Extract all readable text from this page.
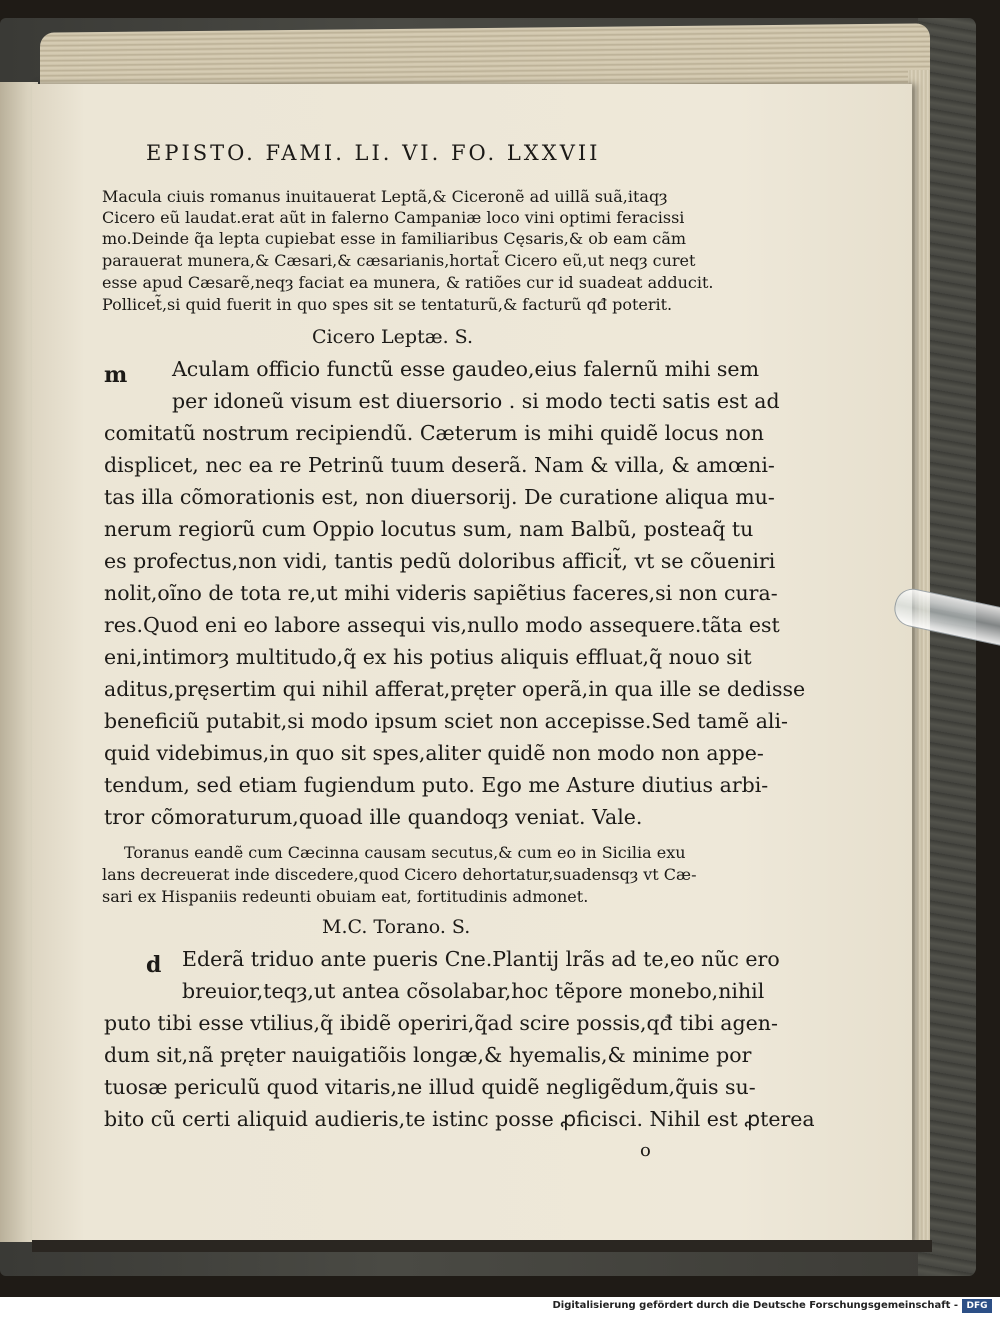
EPISTO. FAMI. LI. VI. FO. LXXVII
Macula ciuis romanus inuitauerat Leptã,& Ciceronẽ ad uillã suã,itaqȝ
Cicero eũ laudat.erat aũt in falerno Campaniæ loco vini optimi feracissi
mo.Deinde q̃a lepta cupiebat esse in familiaribus Cęsaris,& ob eam cãm
parauerat munera,& Cæsari,& cæsarianis,hortat̃ Cicero eũ,ut neqȝ curet
esse apud Cæsarẽ,neqȝ faciat ea munera, & ratiões cur id suadeat adducit.
Pollicet̃,si quid fuerit in quo spes sit se tentaturũ,& facturũ qđ poterit.
Cicero Leptæ. S.
m Aculam officio functũ esse gaudeo,eius falernũ mihi sem
per idoneũ visum est diuersorio . si modo tecti satis est ad
comitatũ nostrum recipiendũ. Cæterum is mihi quidẽ locus non
displicet, nec ea re Petrinũ tuum deserã. Nam & villa, & amœni-
tas illa cõmorationis est, non diuersorij. De curatione aliqua mu-
nerum regiorũ cum Oppio locutus sum, nam Balbũ, posteaq̃ tu
es profectus,non vidi, tantis pedũ doloribus afficit̃, vt se cõueniri
nolit,oĩno de tota re,ut mihi videris sapiẽtius faceres,si non cura-
res.Quod eni eo labore assequi vis,nullo modo assequere.tãta est
eni,intimorȝ multitudo,q̃ ex his potius aliquis effluat,q̃ nouo sit
aditus,pręsertim qui nihil afferat,pręter operã,in qua ille se dedisse
beneficiũ putabit,si modo ipsum sciet non accepisse.Sed tamẽ ali-
quid videbimus,in quo sit spes,aliter quidẽ non modo non appe-
tendum, sed etiam fugiendum puto. Ego me Asture diutius arbi-
tror cõmoraturum,quoad ille quandoqȝ veniat. Vale.
Toranus eandẽ cum Cæcinna causam secutus,& cum eo in Sicilia exu
lans decreuerat inde discedere,quod Cicero dehortatur,suadensqȝ vt Cæ-
sari ex Hispaniis redeunti obuiam eat, fortitudinis admonet.
M.C. Torano. S.
d Ederã triduo ante pueris Cne.Plantij lrãs ad te,eo nũc ero
breuior,teqȝ,ut antea cõsolabar,hoc tẽpore monebo,nihil
puto tibi esse vtilius,q̃ ibidẽ operiri,q̃ad scire possis,qđ tibi agen-
dum sit,nã pręter nauigatiõis longæ,& hyemalis,& minime por
tuosæ periculũ quod vitaris,ne illud quidẽ negligẽdum,q̃uis su-
bito cũ certi aliquid audieris,te istinc posse ꝓficisci. Nihil est ꝓterea
o
Digitalisierung gefördert durch die Deutsche Forschungsgemeinschaft - DFG
